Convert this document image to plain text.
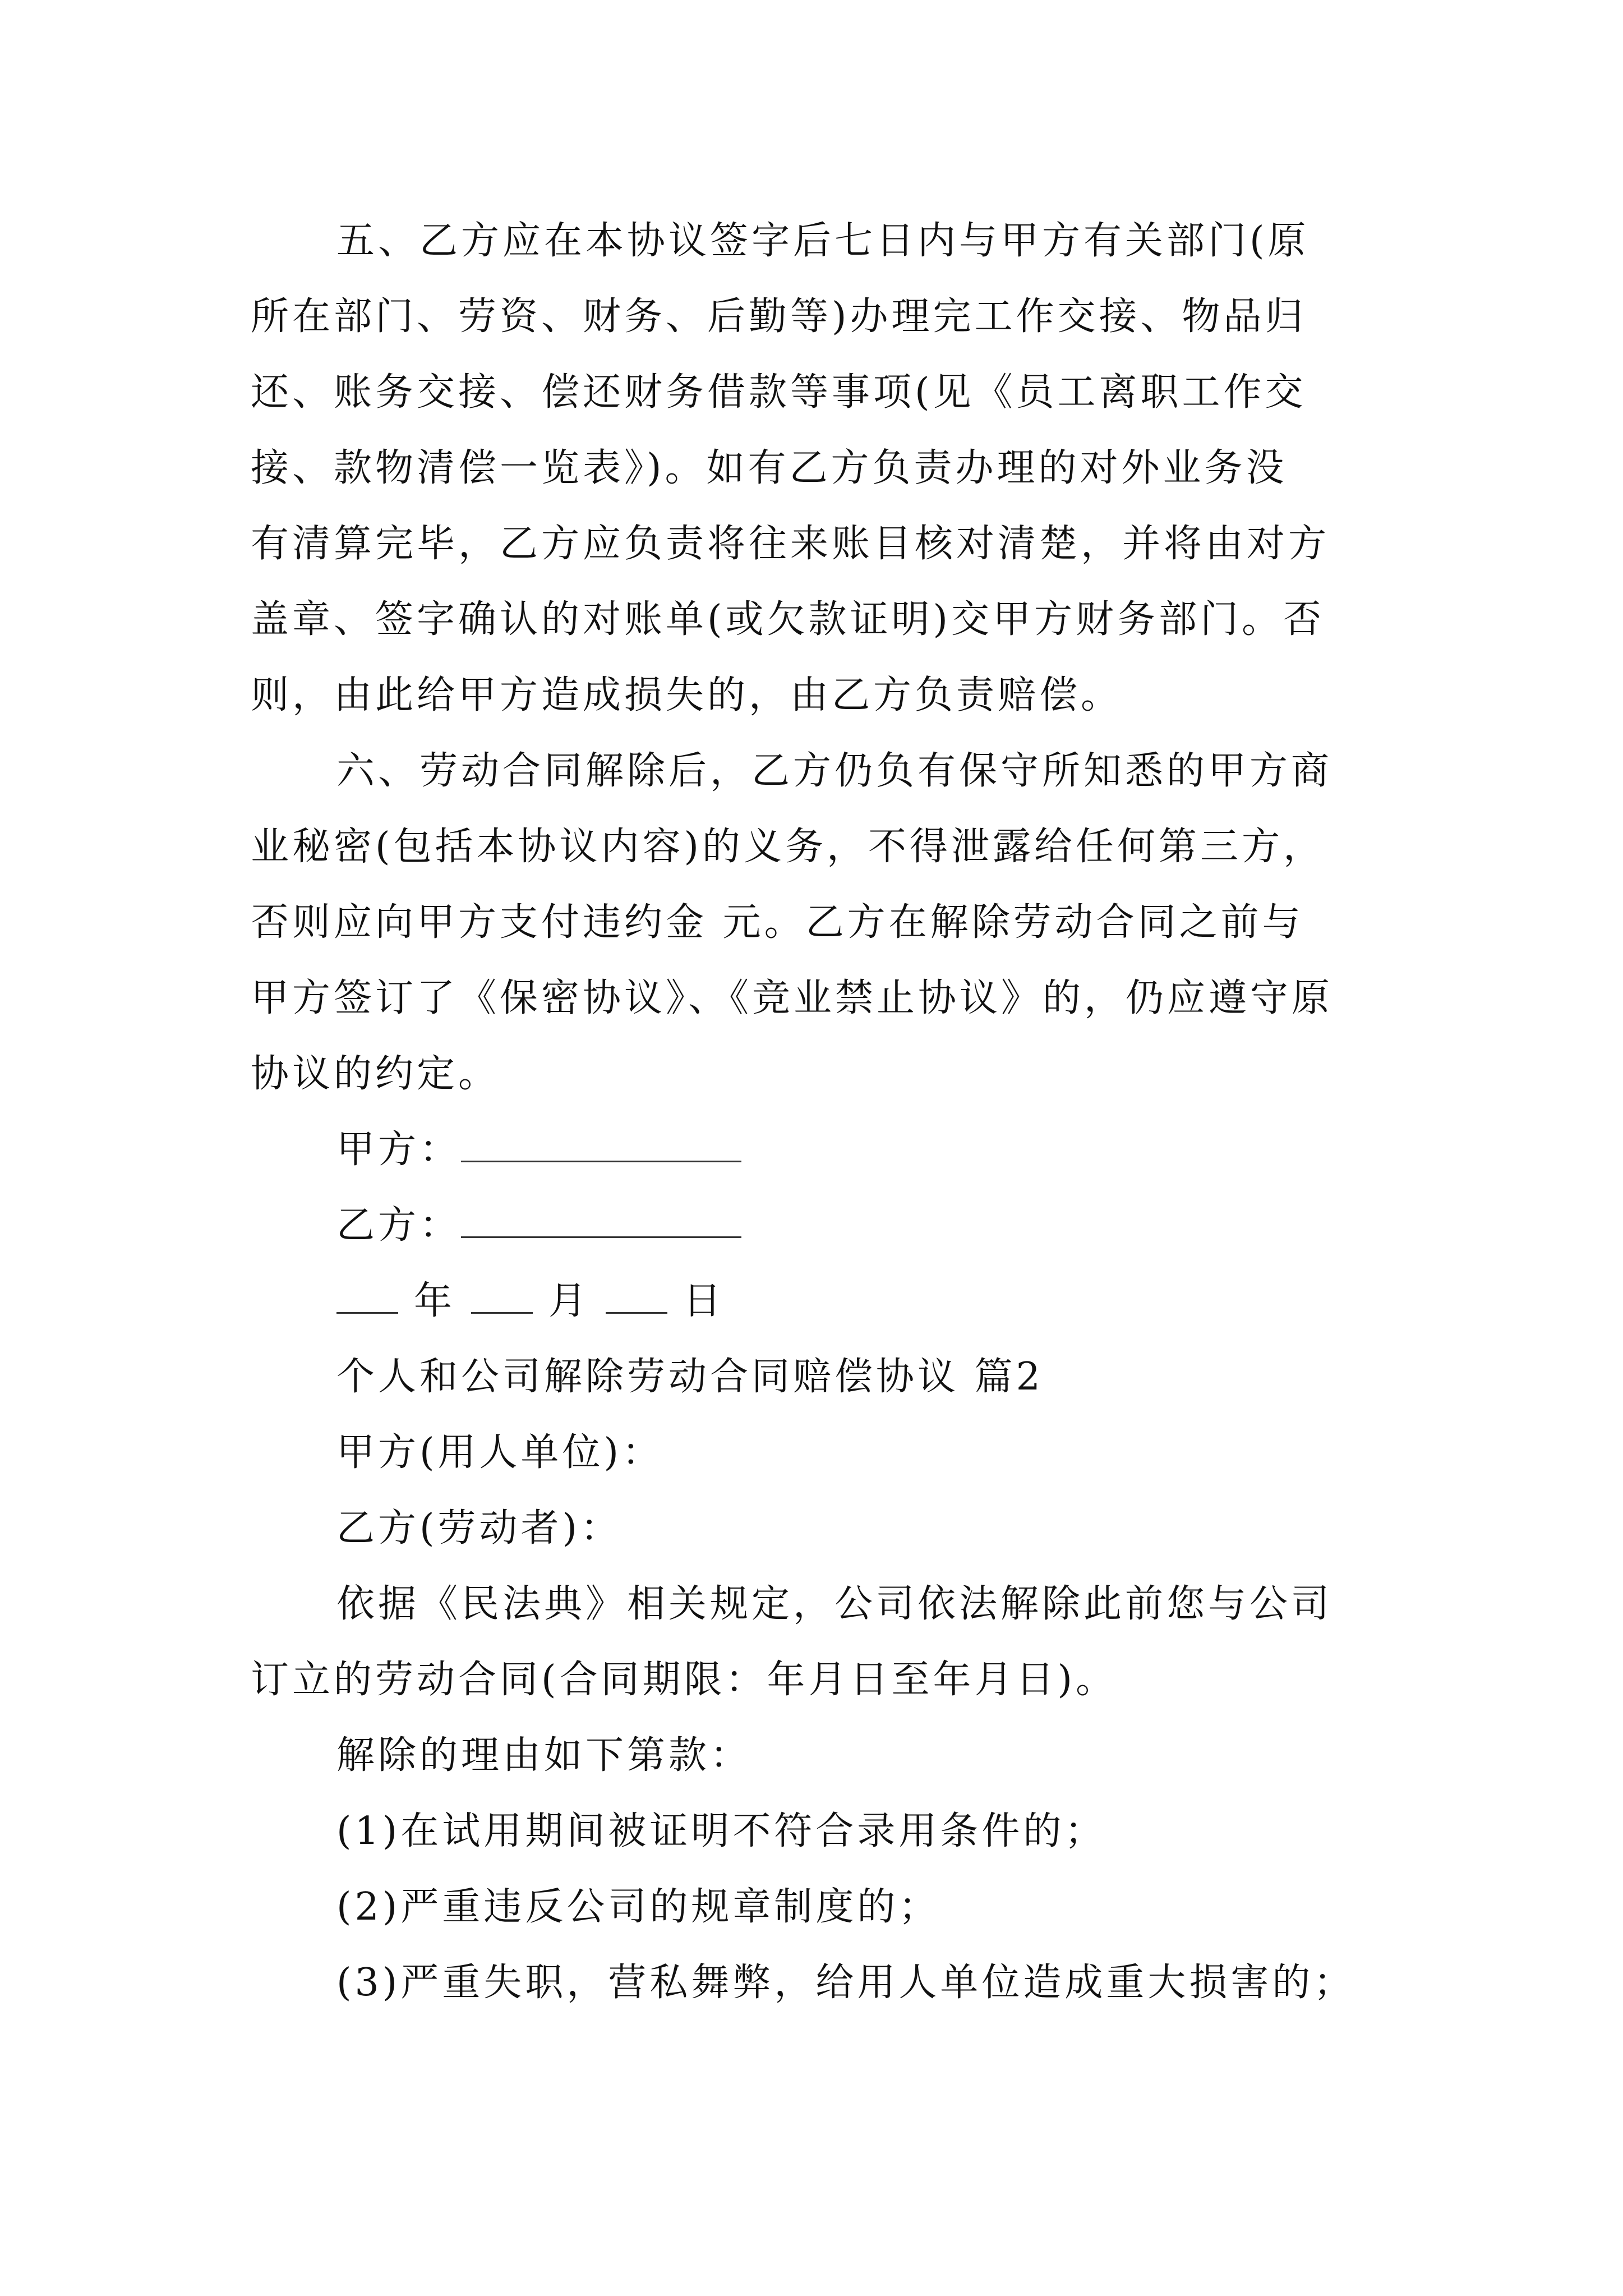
五、乙方应在本协议签字后七日内与甲方有关部门(原
所在部门、劳资、财务、后勤等)办理完工作交接、物品归
还、账务交接、偿还财务借款等事项(见《员工离职工作交
接、款物清偿一览表》)。如有乙方负责办理的对外业务没
有清算完毕，乙方应负责将往来账目核对清楚，并将由对方
盖章、签字确认的对账单(或欠款证明)交甲方财务部门。否
则，由此给甲方造成损失的，由乙方负责赔偿。
六、劳动合同解除后，乙方仍负有保守所知悉的甲方商
业秘密(包括本协议内容)的义务，不得泄露给任何第三方，
否则应向甲方支付违约金 元。乙方在解除劳动合同之前与
甲方签订了《保密协议》、《竞业禁止协议》的，仍应遵守原
协议的约定。
甲方：
乙方：
年 月 日
个人和公司解除劳动合同赔偿协议 篇2
甲方(用人单位)：
乙方(劳动者)：
依据《民法典》相关规定，公司依法解除此前您与公司
订立的劳动合同(合同期限：年月日至年月日)。
解除的理由如下第款：
(1)在试用期间被证明不符合录用条件的；
(2)严重违反公司的规章制度的；
(3)严重失职，营私舞弊，给用人单位造成重大损害的；
